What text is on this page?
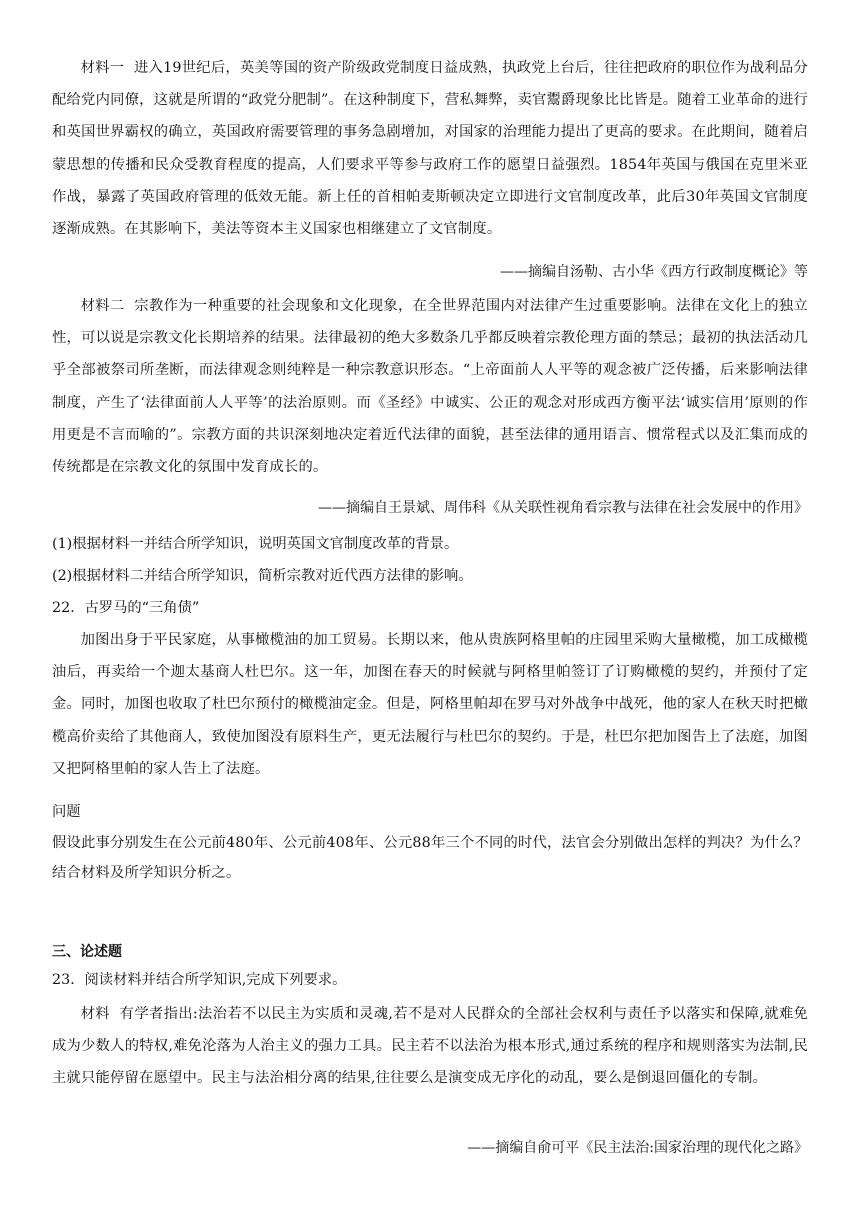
材料一 进入19世纪后，英美等国的资产阶级政党制度日益成熟，执政党上台后，往往把政府的职位作为战利品分配给党内同僚，这就是所谓的“政党分肥制”。在这种制度下，营私舞弊，卖官鬻爵现象比比皆是。随着工业革命的进行和英国世界霸权的确立，英国政府需要管理的事务急剧增加，对国家的治理能力提出了更高的要求。在此期间，随着启蒙思想的传播和民众受教育程度的提高，人们要求平等参与政府工作的愿望日益强烈。1854年英国与俄国在克里米亚作战，暴露了英国政府管理的低效无能。新上任的首相帕麦斯顿决定立即进行文官制度改革，此后30年英国文官制度逐渐成熟。在其影响下，美法等资本主义国家也相继建立了文官制度。

——摘编自汤勒、古小华《西方行政制度概论》等

材料二 宗教作为一种重要的社会现象和文化现象，在全世界范围内对法律产生过重要影响。法律在文化上的独立性，可以说是宗教文化长期培养的结果。法律最初的绝大多数条几乎都反映着宗教伦理方面的禁忌；最初的执法活动几乎全部被祭司所垄断，而法律观念则纯粹是一种宗教意识形态。“上帝面前人人平等的观念被广泛传播，后来影响法律制度，产生了‘法律面前人人平等’的法治原则。而《圣经》中诚实、公正的观念对形成西方衡平法‘诚实信用’原则的作用更是不言而喻的”。宗教方面的共识深刻地决定着近代法律的面貌，甚至法律的通用语言、惯常程式以及汇集而成的传统都是在宗教文化的氛围中发育成长的。

——摘编自王景斌、周伟科《从关联性视角看宗教与法律在社会发展中的作用》

(1)根据材料一并结合所学知识，说明英国文官制度改革的背景。

(2)根据材料二并结合所学知识，简析宗教对近代西方法律的影响。

22．古罗马的“三角债”

加图出身于平民家庭，从事橄榄油的加工贸易。长期以来，他从贵族阿格里帕的庄园里采购大量橄榄，加工成橄榄油后，再卖给一个迦太基商人杜巴尔。这一年，加图在春天的时候就与阿格里帕签订了订购橄榄的契约，并预付了定金。同时，加图也收取了杜巴尔预付的橄榄油定金。但是，阿格里帕却在罗马对外战争中战死，他的家人在秋天时把橄榄高价卖给了其他商人，致使加图没有原料生产，更无法履行与杜巴尔的契约。于是，杜巴尔把加图告上了法庭，加图又把阿格里帕的家人告上了法庭。

问题

假设此事分别发生在公元前480年、公元前408年、公元88年三个不同的时代，法官会分别做出怎样的判决？为什么？结合材料及所学知识分析之。

三、论述题

23．阅读材料并结合所学知识,完成下列要求。

材料 有学者指出:法治若不以民主为实质和灵魂,若不是对人民群众的全部社会权利与责任予以落实和保障,就难免成为少数人的特权,难免沦落为人治主义的强力工具。民主若不以法治为根本形式,通过系统的程序和规则落实为法制,民主就只能停留在愿望中。民主与法治相分离的结果,往往要么是演变成无序化的动乱，要么是倒退回僵化的专制。

——摘编自俞可平《民主法治:国家治理的现代化之路》
